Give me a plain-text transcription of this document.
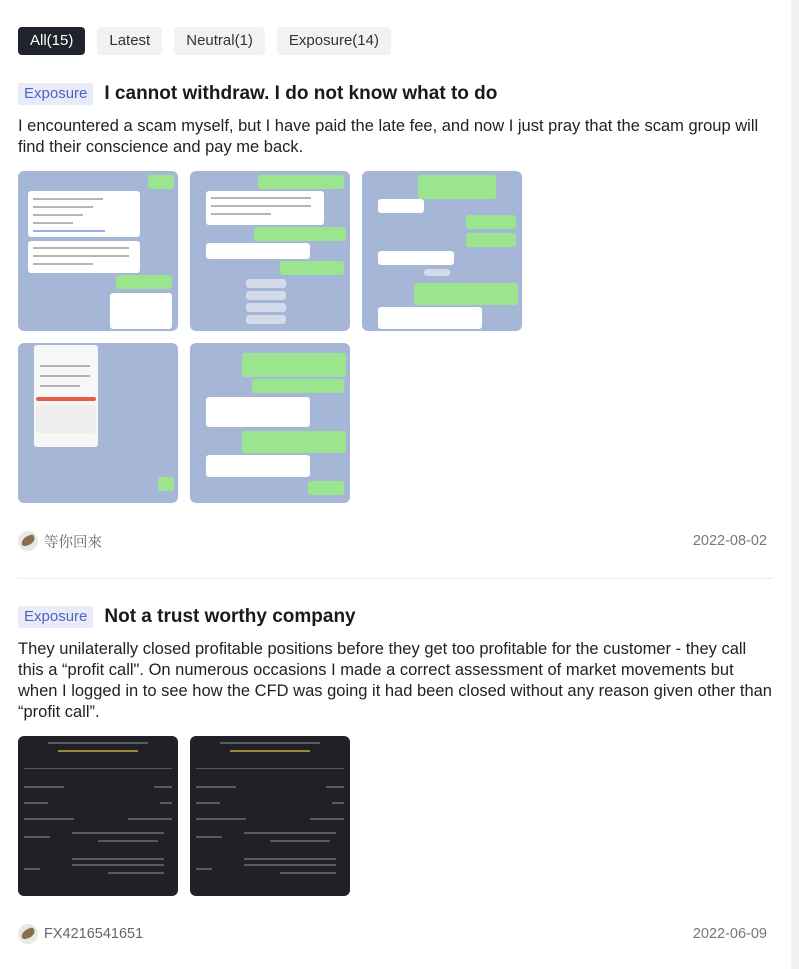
All(15)	Latest	Neutral(1)	Exposure(14)
Exposure I cannot withdraw. I do not know what to do
I encountered a scam myself, but I have paid the late fee, and now I just pray that the scam group will find their conscience and pay me back.
等你回來	2022-08-02
Exposure Not a trust worthy company
They unilaterally closed profitable positions before they get too profitable for the customer - they call this a “profit call". On numerous occasions I made a correct assessment of market movements but when I logged in to see how the CFD was going it had been closed without any reason given other than “profit call”.
FX4216541651	2022-06-09
